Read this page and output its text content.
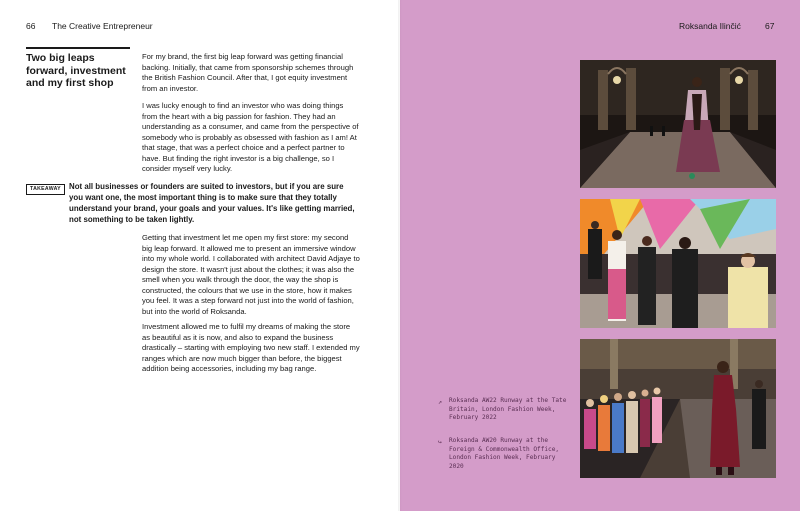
66 The Creative Entrepreneur
Two big leaps forward, investment and my first shop

For my brand, the first big leap forward was getting financial backing. Initially, that came from sponsorship schemes through the British Fashion Council. After that, I got equity investment from an investor.

I was lucky enough to find an investor who was doing things from the heart with a big passion for fashion. They had an understanding as a consumer, and came from the perspective of somebody who is probably as obsessed with fashion as I am! At that stage, that was a perfect choice and a perfect partner to have. But finding the right investor is a big challenge, so I consider myself very lucky.

TAKEAWAY	Not all businesses or founders are suited to investors, but if you are sure you want one, the most important thing is to make sure that they totally understand your brand, your goals and your values. It's like getting married, not something to be taken lightly.

Getting that investment let me open my first store: my second big leap forward. It allowed me to present an immersive window into my whole world. I collaborated with architect David Adjaye to design the store. It wasn't just about the clothes; it was also the smell when you walk through the door, the way the shop is constructed, the colours that we use in the store, how it makes you feel. It was a step forward not just into the world of fashion, but into the world of Roksanda.

Investment allowed me to fulfil my dreams of making the store as beautiful as it is now, and also to expand the business drastically – starting with employing two new staff. I extended my ranges which are now much bigger than before, the biggest addition being accessories, including my bag range.

Roksanda Ilinčić	67
↗ Roksanda AW22 Runway at the Tate Britain, London Fashion Week, February 2022

↪ Roksanda AW20 Runway at the Foreign & Commonwealth Office, London Fashion Week, February 2020
